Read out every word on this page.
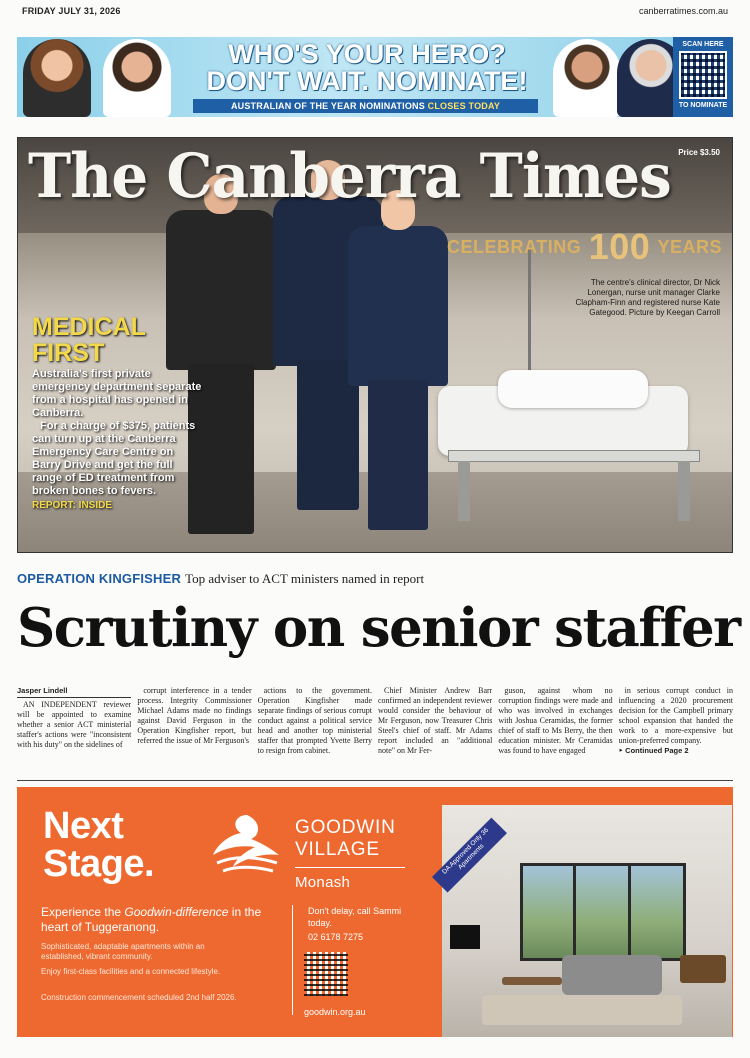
FRIDAY JULY 31, 2026	canberratimes.com.au
WHO'S YOUR HERO?
DON'T WAIT. NOMINATE!
AUSTRALIAN OF THE YEAR NOMINATIONS CLOSES TODAY
SCAN HERE
TO NOMINATE
The Canberra Times Price $3.50
CELEBRATING 100 YEARS
The centre's clinical director, Dr Nick Lonergan, nurse unit manager Clarke Clapham-Finn and registered nurse Kate Gategood. Picture by Keegan Carroll
MEDICAL
FIRST

Australia's first private emergency department separate from a hospital has opened in Canberra.

For a charge of $375, patients can turn up at the Canberra Emergency Care Centre on Barry Drive and get the full range of ED treatment from broken bones to fevers.

REPORT: INSIDE
OPERATION KINGFISHER Top adviser to ACT ministers named in report
Scrutiny on senior staffer
Jasper Lindell

AN INDEPENDENT reviewer will be appointed to examine whether a senior ACT ministerial staffer's actions were "inconsistent with his duty" on the sidelines of

corrupt interference in a tender process. Integrity Commissioner Michael Adams made no findings against David Ferguson in the Operation Kingfisher report, but referred the issue of Mr Ferguson's

actions to the government. Operation Kingfisher made separate findings of serious corrupt conduct against a political service head and another top ministerial staffer that prompted Yvette Berry to resign from cabinet.

Chief Minister Andrew Barr confirmed an independent reviewer would consider the behaviour of Mr Ferguson, now Treasurer Chris Steel's chief of staff. Mr Adams report included an "additional note" on Mr Fer-

guson, against whom no corruption findings were made and who was involved in exchanges with Joshua Ceramidas, the former chief of staff to Ms Berry, the then education minister. Mr Ceramidas was found to have engaged

in serious corrupt conduct in influencing a 2020 procurement decision for the Campbell primary school expansion that handed the work to a more-expensive but union-preferred company.

‣ Continued Page 2
Next
Stage.
GOODWIN
VILLAGE
Monash
Experience the Goodwin-difference in the heart of Tuggeranong.
Sophisticated, adaptable apartments within an established, vibrant community.
Enjoy first-class facilities and a connected lifestyle.
Construction commencement scheduled 2nd half 2026.
Don't delay, call Sammi today.
02 6178 7275
goodwin.org.au
DA Approved Only 36 Apartments
